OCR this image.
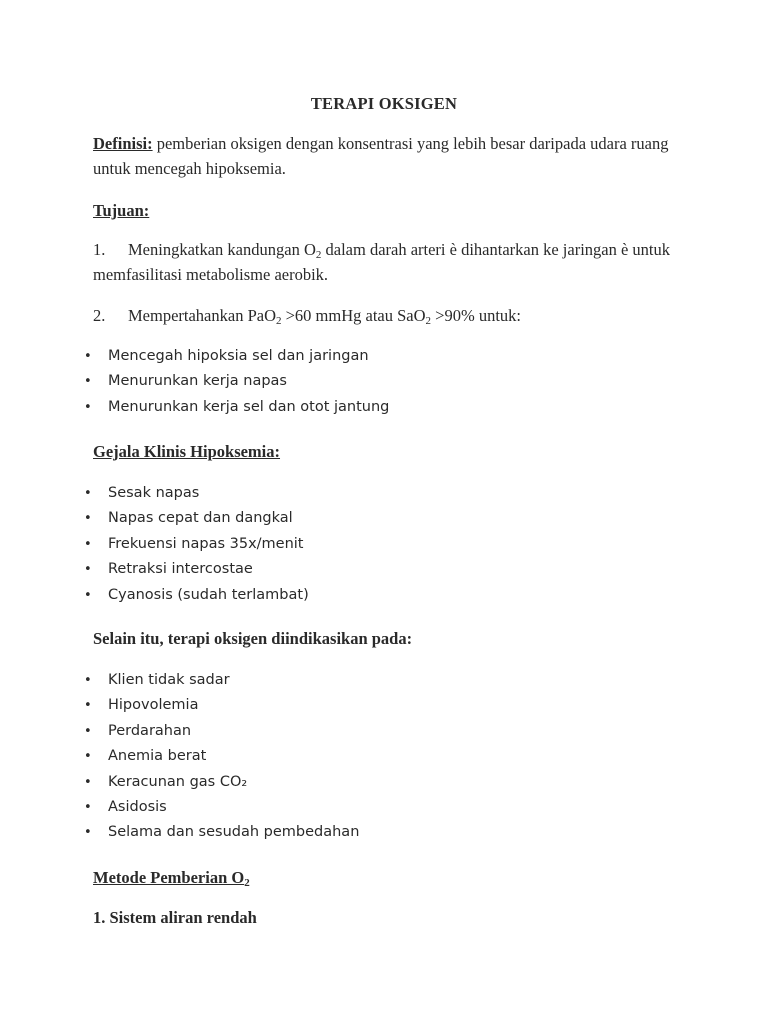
TERAPI OKSIGEN
Definisi: pemberian oksigen dengan konsentrasi yang lebih besar daripada udara ruang untuk mencegah hipoksemia.
Tujuan:
1. Meningkatkan kandungan $O_2$ dalam darah arteri è dihantarkan ke jaringan è untuk memfasilitasi metabolisme aerobik.
2. Mempertahankan PaO$_2$ >60 mmHg atau SaO$_2$ >90% untuk:
• Mencegah hipoksia sel dan jaringan
• Menurunkan kerja napas
• Menurunkan kerja sel dan otot jantung
Gejala Klinis Hipoksemia:
• Sesak napas
• Napas cepat dan dangkal
• Frekuensi napas 35x/menit
• Retraksi intercostae
• Cyanosis (sudah terlambat)
Selain itu, terapi oksigen diindikasikan pada:
• Klien tidak sadar
• Hipovolemia
• Perdarahan
• Anemia berat
• Keracunan gas CO₂
• Asidosis
• Selama dan sesudah pembedahan
Metode Pemberian $O_2$
1. Sistem aliran rendah
